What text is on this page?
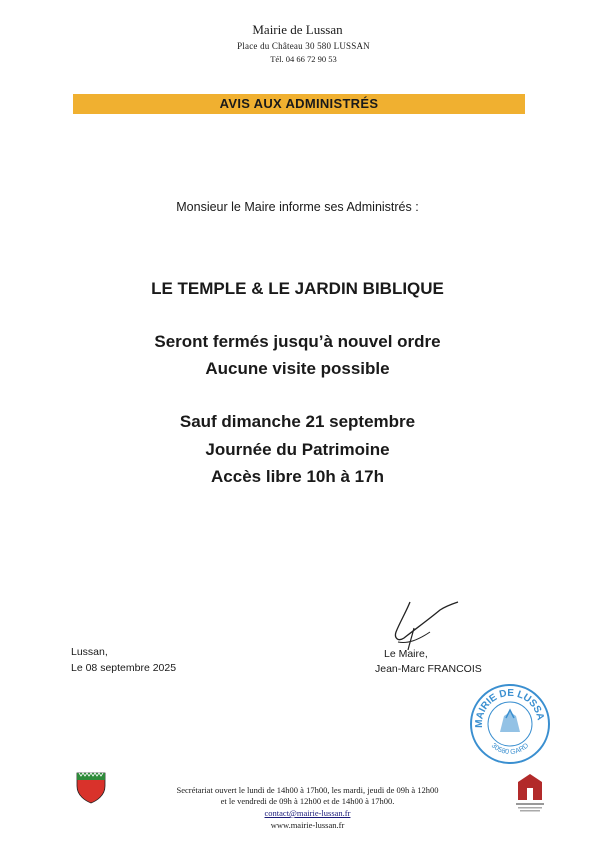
Mairie de Lussan
Place du Château 30 580 LUSSAN
Tél. 04 66 72 90 53
AVIS AUX ADMINISTRÉS
Monsieur le Maire informe ses Administrés :
LE TEMPLE & LE JARDIN BIBLIQUE
Seront fermés jusqu’à nouvel ordre
Aucune visite possible
Sauf dimanche 21 septembre
Journée du Patrimoine
Accès libre 10h à 17h
Lussan,
Le 08 septembre 2025
Le Maire,
Jean-Marc FRANCOIS
MAIRIE DE LUSSA
30580 GARD
Secrétariat ouvert le lundi de 14h00 à 17h00, les mardi, jeudi de 09h à 12h00
et le vendredi de 09h à 12h00 et de 14h00 à 17h00.
contact@mairie-lussan.fr
www.mairie-lussan.fr
